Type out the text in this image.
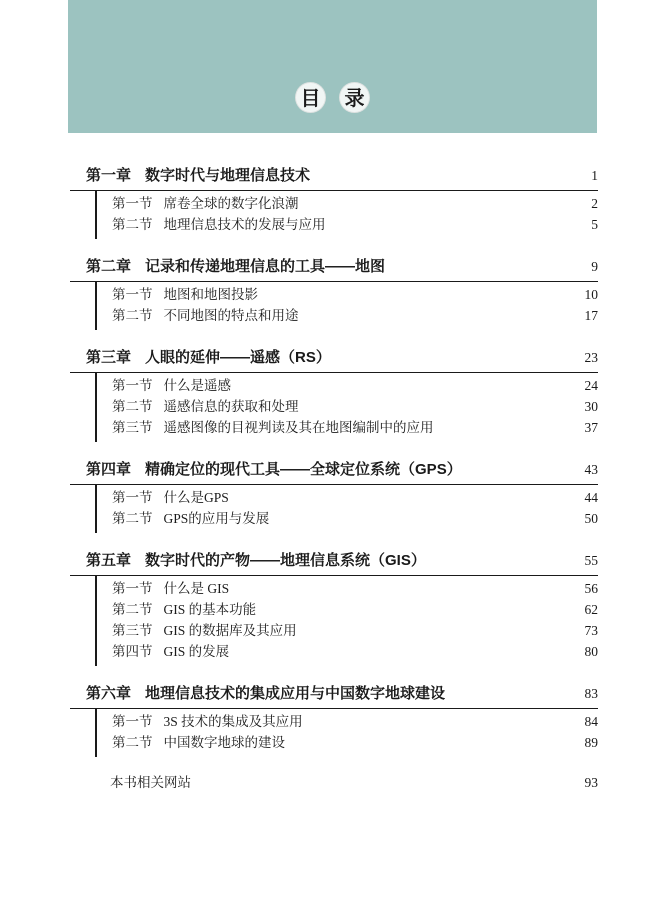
目 录
第一章 数字时代与地理信息技术	1
第一节 席卷全球的数字化浪潮	2
第二节 地理信息技术的发展与应用	5
第二章 记录和传递地理信息的工具——地图	9
第一节 地图和地图投影	10
第二节 不同地图的特点和用途	17
第三章 人眼的延伸——遥感（RS）	23
第一节 什么是遥感	24
第二节 遥感信息的获取和处理	30
第三节 遥感图像的目视判读及其在地图编制中的应用	37
第四章 精确定位的现代工具——全球定位系统（GPS）	43
第一节 什么是GPS	44
第二节 GPS的应用与发展	50
第五章 数字时代的产物——地理信息系统（GIS）	55
第一节 什么是 GIS	56
第二节 GIS 的基本功能	62
第三节 GIS 的数据库及其应用	73
第四节 GIS 的发展	80
第六章 地理信息技术的集成应用与中国数字地球建设	83
第一节 3S 技术的集成及其应用	84
第二节 中国数字地球的建设	89
本书相关网站	93
